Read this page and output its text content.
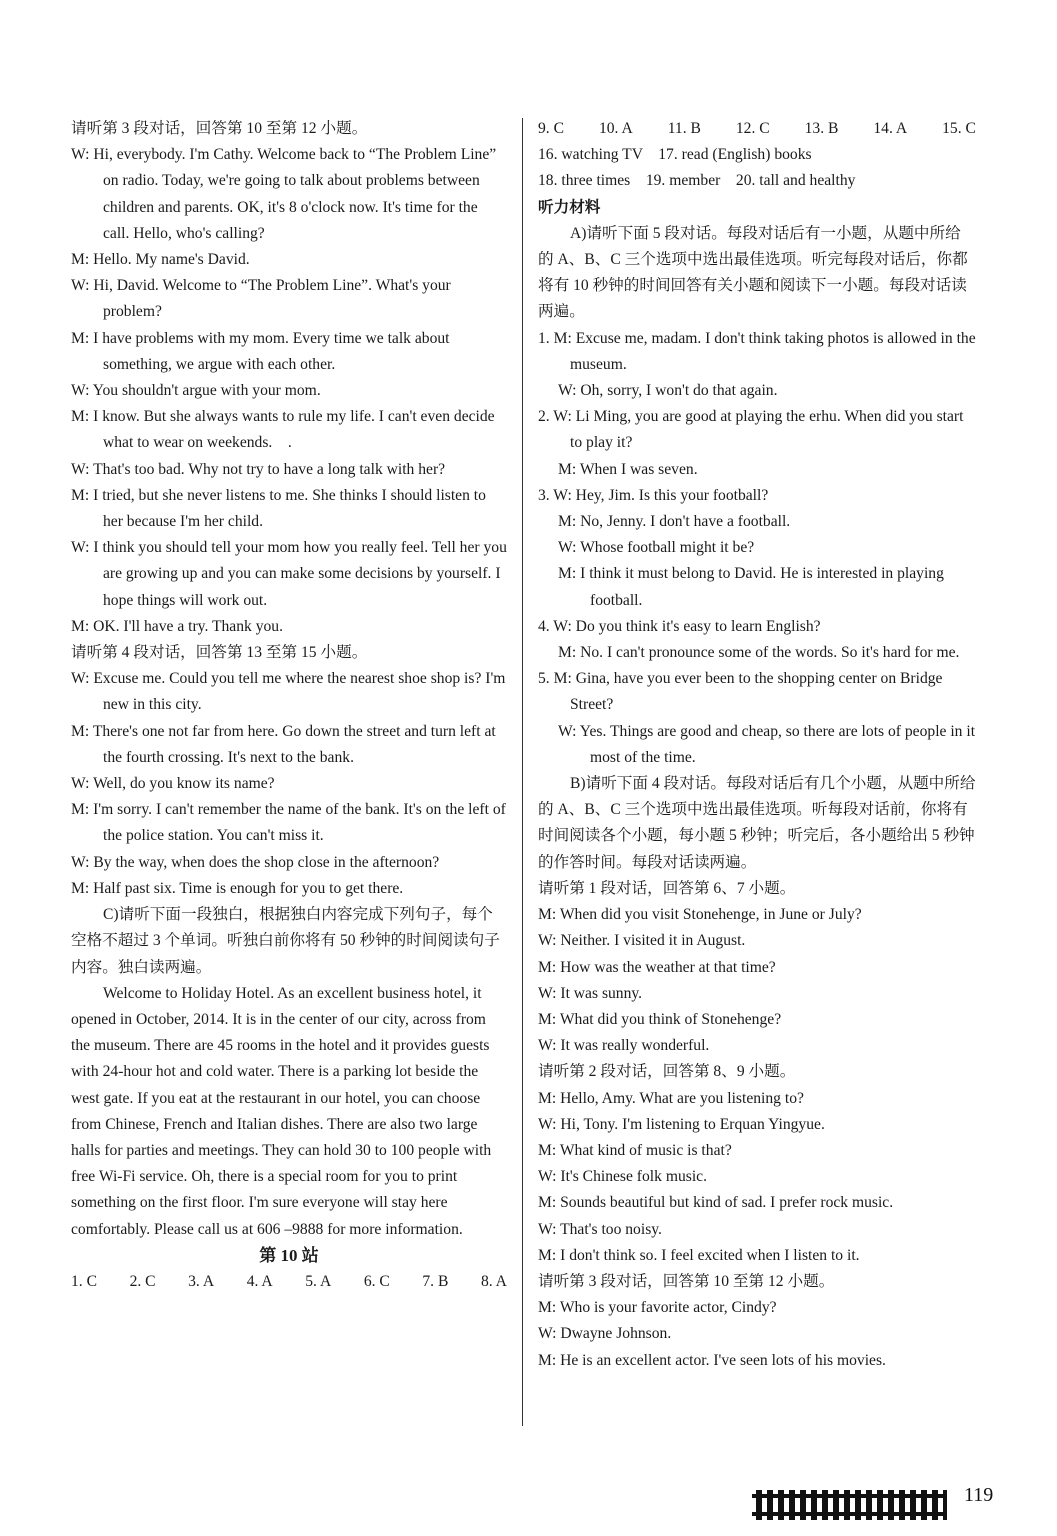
请听第 3 段对话，回答第 10 至第 12 小题。
W: Hi, everybody. I'm Cathy. Welcome back to “The Problem Line” on radio. Today, we're going to talk about problems between children and parents. OK, it's 8 o'clock now. It's time for the call. Hello, who's calling?
M: Hello. My name's David.
W: Hi, David. Welcome to “The Problem Line”. What's your problem?
M: I have problems with my mom. Every time we talk about something, we argue with each other.
W: You shouldn't argue with your mom.
M: I know. But she always wants to rule my life. I can't even decide what to wear on weekends.　.
W: That's too bad. Why not try to have a long talk with her?
M: I tried, but she never listens to me. She thinks I should listen to her because I'm her child.
W: I think you should tell your mom how you really feel. Tell her you are growing up and you can make some decisions by yourself. I hope things will work out.
M: OK. I'll have a try. Thank you.
请听第 4 段对话，回答第 13 至第 15 小题。
W: Excuse me. Could you tell me where the nearest shoe shop is? I'm new in this city.
M: There's one not far from here. Go down the street and turn left at the fourth crossing. It's next to the bank.
W: Well, do you know its name?
M: I'm sorry. I can't remember the name of the bank. It's on the left of the police station. You can't miss it.
W: By the way, when does the shop close in the afternoon?
M: Half past six. Time is enough for you to get there.
C)请听下面一段独白，根据独白内容完成下列句子，每个空格不超过 3 个单词。听独白前你将有 50 秒钟的时间阅读句子内容。独白读两遍。
Welcome to Holiday Hotel. As an excellent business hotel, it opened in October, 2014. It is in the center of our city, across from the museum. There are 45 rooms in the hotel and it provides guests with 24-hour hot and cold water. There is a parking lot beside the west gate. If you eat at the restaurant in our hotel, you can choose from Chinese, French and Italian dishes. There are also two large halls for parties and meetings. They can hold 30 to 100 people with free Wi-Fi service. Oh, there is a special room for you to print something on the first floor. I'm sure everyone will stay here comfortably. Please call us at 606 –9888 for more information.
第 10 站
1. C 2. C 3. A 4. A 5. A 6. C 7. B 8. A
9. C 10. A 11. B 12. C 13. B 14. A 15. C
16. watching TV　17. read (English) books
18. three times　19. member　20. tall and healthy
听力材料
A)请听下面 5 段对话。每段对话后有一小题，从题中所给的 A、B、C 三个选项中选出最佳选项。听完每段对话后，你都将有 10 秒钟的时间回答有关小题和阅读下一小题。每段对话读两遍。
1. M: Excuse me, madam. I don't think taking photos is allowed in the museum.
W: Oh, sorry, I won't do that again.
2. W: Li Ming, you are good at playing the erhu. When did you start to play it?
M: When I was seven.
3. W: Hey, Jim. Is this your football?
M: No, Jenny. I don't have a football.
W: Whose football might it be?
M: I think it must belong to David. He is interested in playing football.
4. W: Do you think it's easy to learn English?
M: No. I can't pronounce some of the words. So it's hard for me.
5. M: Gina, have you ever been to the shopping center on Bridge Street?
W: Yes. Things are good and cheap, so there are lots of people in it most of the time.
B)请听下面 4 段对话。每段对话后有几个小题，从题中所给的 A、B、C 三个选项中选出最佳选项。听每段对话前，你将有时间阅读各个小题，每小题 5 秒钟；听完后，各小题给出 5 秒钟的作答时间。每段对话读两遍。
请听第 1 段对话，回答第 6、7 小题。
M: When did you visit Stonehenge, in June or July?
W: Neither. I visited it in August.
M: How was the weather at that time?
W: It was sunny.
M: What did you think of Stonehenge?
W: It was really wonderful.
请听第 2 段对话，回答第 8、9 小题。
M: Hello, Amy. What are you listening to?
W: Hi, Tony. I'm listening to Erquan Yingyue.
M: What kind of music is that?
W: It's Chinese folk music.
M: Sounds beautiful but kind of sad. I prefer rock music.
W: That's too noisy.
M: I don't think so. I feel excited when I listen to it.
请听第 3 段对话，回答第 10 至第 12 小题。
M: Who is your favorite actor, Cindy?
W: Dwayne Johnson.
M: He is an excellent actor. I've seen lots of his movies.
119
